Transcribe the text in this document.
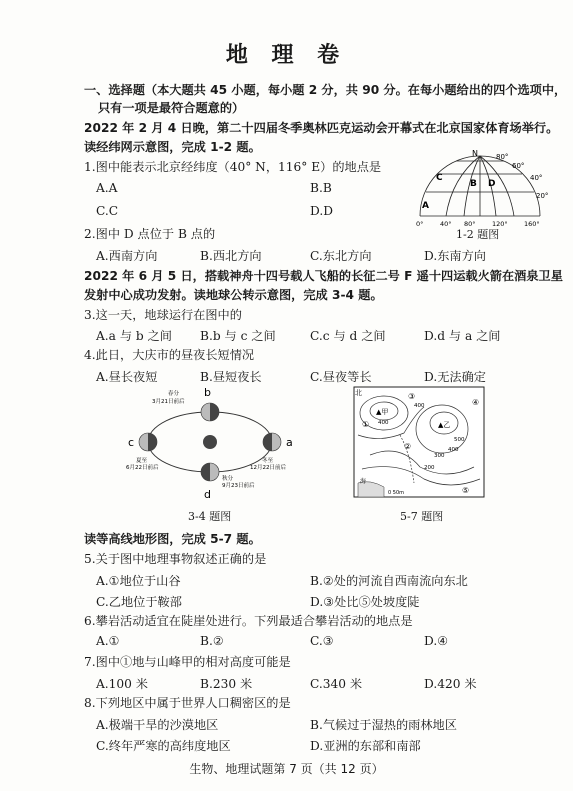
地 理 卷
一、选择题（本大题共 45 小题，每小题 2 分，共 90 分。在每小题给出的四个选项中，
只有一项是最符合题意的）
2022 年 2 月 4 日晚，第二十四届冬季奥林匹克运动会开幕式在北京国家体育场举行。
读经纬网示意图，完成 1-2 题。
1.图中能表示北京经纬度（40° N，116° E）的地点是
A.A	B.B
C.C	D.D
2.图中 D 点位于 B 点的
A.西南方向	B.西北方向	C.东北方向	D.东南方向
N	80°
60°
40°
20°
0°	40° 80°	120°	160°
A
B
C
D
1-2 题图
2022 年 6 月 5 日，搭载神舟十四号载人飞船的长征二号 F 遥十四运载火箭在酒泉卫星
发射中心成功发射。读地球公转示意图，完成 3-4 题。
3.这一天，地球运行在图中的
A.a 与 b 之间 B.b 与 c 之间	C.c 与 d 之间	D.d 与 a 之间
4.此日，大庆市的昼夜长短情况
A.昼长夜短	B.昼短夜长	C.昼夜等长	D.无法确定
b
c	a
d
春分
3月21日前后
夏至
6月22日前后
冬至
12月22日前后
秋分
9月23日前后
3-4 题图
北
▲甲
▲乙
400
500
400
300
200
400
①
②
③
④
⑤
海
0 50m
5-7 题图
读等高线地形图，完成 5-7 题。
5.关于图中地理事物叙述正确的是
A.①地位于山谷	B.②处的河流自西南流向东北
C.乙地位于鞍部	D.③处比⑤处坡度陡
6.攀岩活动适宜在陡崖处进行。下列最适合攀岩活动的地点是
A.①	B.②	C.③	D.④
7.图中①地与山峰甲的相对高度可能是
A.100 米	B.230 米	C.340 米	D.420 米
8.下列地区中属于世界人口稠密区的是
A.极端干旱的沙漠地区	B.气候过于湿热的雨林地区
C.终年严寒的高纬度地区	D.亚洲的东部和南部
生物、地理试题第 7 页（共 12 页）
